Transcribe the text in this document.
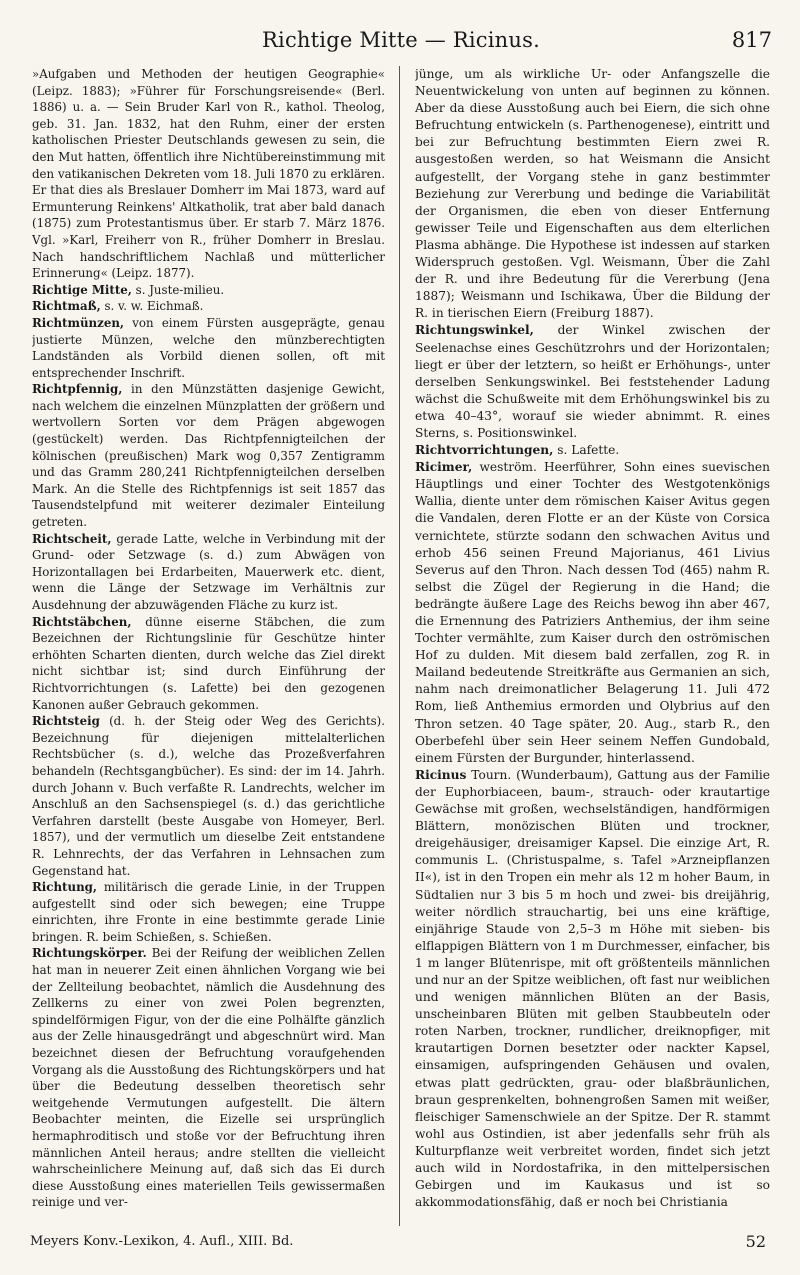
Richtige Mitte — Ricinus.	817

»Aufgaben und Methoden der heutigen Geographie« (Leipz. 1883); »Führer für Forschungsreisende« (Berl. 1886) u. a. — Sein Bruder Karl von R., kathol. Theolog, geb. 31. Jan. 1832, hat den Ruhm, einer der ersten katholischen Priester Deutschlands gewesen zu sein, die den Mut hatten, öffentlich ihre Nichtübereinstimmung mit den vatikanischen Dekreten vom 18. Juli 1870 zu erklären. Er that dies als Breslauer Domherr im Mai 1873, ward auf Ermunterung Reinkens' Altkatholik, trat aber bald danach (1875) zum Protestantismus über. Er starb 7. März 1876. Vgl. »Karl, Freiherr von R., früher Domherr in Breslau. Nach handschriftlichem Nachlaß und mütterlicher Erinnerung« (Leipz. 1877).

Richtige Mitte, s. Juste-milieu.

Richtmaß, s. v. w. Eichmaß.

Richtmünzen, von einem Fürsten ausgeprägte, genau justierte Münzen, welche den münzberechtigten Landständen als Vorbild dienen sollen, oft mit entsprechender Inschrift.

Richtpfennig, in den Münzstätten dasjenige Gewicht, nach welchem die einzelnen Münzplatten der größern und wertvollern Sorten vor dem Prägen abgewogen (gestückelt) werden. Das Richtpfennigteilchen der kölnischen (preußischen) Mark wog 0,357 Zentigramm und das Gramm 280,241 Richtpfennigteilchen derselben Mark. An die Stelle des Richtpfennigs ist seit 1857 das Tausendstelpfund mit weiterer dezimaler Einteilung getreten.

Richtscheit, gerade Latte, welche in Verbindung mit der Grund- oder Setzwage (s. d.) zum Abwägen von Horizontallagen bei Erdarbeiten, Mauerwerk etc. dient, wenn die Länge der Setzwage im Verhältnis zur Ausdehnung der abzuwägenden Fläche zu kurz ist.

Richtstäbchen, dünne eiserne Stäbchen, die zum Bezeichnen der Richtungslinie für Geschütze hinter erhöhten Scharten dienten, durch welche das Ziel direkt nicht sichtbar ist; sind durch Einführung der Richtvorrichtungen (s. Lafette) bei den gezogenen Kanonen außer Gebrauch gekommen.

Richtsteig (d. h. der Steig oder Weg des Gerichts). Bezeichnung für diejenigen mittelalterlichen Rechtsbücher (s. d.), welche das Prozeßverfahren behandeln (Rechtsgangbücher). Es sind: der im 14. Jahrh. durch Johann v. Buch verfaßte R. Landrechts, welcher im Anschluß an den Sachsenspiegel (s. d.) das gerichtliche Verfahren darstellt (beste Ausgabe von Homeyer, Berl. 1857), und der vermutlich um dieselbe Zeit entstandene R. Lehnrechts, der das Verfahren in Lehnsachen zum Gegenstand hat.

Richtung, militärisch die gerade Linie, in der Truppen aufgestellt sind oder sich bewegen; eine Truppe einrichten, ihre Fronte in eine bestimmte gerade Linie bringen. R. beim Schießen, s. Schießen.

Richtungskörper. Bei der Reifung der weiblichen Zellen hat man in neuerer Zeit einen ähnlichen Vorgang wie bei der Zellteilung beobachtet, nämlich die Ausdehnung des Zellkerns zu einer von zwei Polen begrenzten, spindelförmigen Figur, von der die eine Polhälfte gänzlich aus der Zelle hinausgedrängt und abgeschnürt wird. Man bezeichnet diesen der Befruchtung voraufgehenden Vorgang als die Ausstoßung des Richtungskörpers und hat über die Bedeutung desselben theoretisch sehr weitgehende Vermutungen aufgestellt. Die ältern Beobachter meinten, die Eizelle sei ursprünglich hermaphroditisch und stoße vor der Befruchtung ihren männlichen Anteil heraus; andre stellten die vielleicht wahrscheinlichere Meinung auf, daß sich das Ei durch diese Ausstoßung eines materiellen Teils gewissermaßen reinige und ver-

jünge, um als wirkliche Ur- oder Anfangszelle die Neuentwickelung von unten auf beginnen zu können. Aber da diese Ausstoßung auch bei Eiern, die sich ohne Befruchtung entwickeln (s. Parthenogenese), eintritt und bei zur Befruchtung bestimmten Eiern zwei R. ausgestoßen werden, so hat Weismann die Ansicht aufgestellt, der Vorgang stehe in ganz bestimmter Beziehung zur Vererbung und bedinge die Variabilität der Organismen, die eben von dieser Entfernung gewisser Teile und Eigenschaften aus dem elterlichen Plasma abhänge. Die Hypothese ist indessen auf starken Widerspruch gestoßen. Vgl. Weismann, Über die Zahl der R. und ihre Bedeutung für die Vererbung (Jena 1887); Weismann und Ischikawa, Über die Bildung der R. in tierischen Eiern (Freiburg 1887).

Richtungswinkel, der Winkel zwischen der Seelenachse eines Geschützrohrs und der Horizontalen; liegt er über der letztern, so heißt er Erhöhungs-, unter derselben Senkungswinkel. Bei feststehender Ladung wächst die Schußweite mit dem Erhöhungswinkel bis zu etwa 40–43°, worauf sie wieder abnimmt. R. eines Sterns, s. Positionswinkel.

Richtvorrichtungen, s. Lafette.

Ricimer, weström. Heerführer, Sohn eines suevischen Häuptlings und einer Tochter des Westgotenkönigs Wallia, diente unter dem römischen Kaiser Avitus gegen die Vandalen, deren Flotte er an der Küste von Corsica vernichtete, stürzte sodann den schwachen Avitus und erhob 456 seinen Freund Majorianus, 461 Livius Severus auf den Thron. Nach dessen Tod (465) nahm R. selbst die Zügel der Regierung in die Hand; die bedrängte äußere Lage des Reichs bewog ihn aber 467, die Ernennung des Patriziers Anthemius, der ihm seine Tochter vermählte, zum Kaiser durch den oströmischen Hof zu dulden. Mit diesem bald zerfallen, zog R. in Mailand bedeutende Streitkräfte aus Germanien an sich, nahm nach dreimonatlicher Belagerung 11. Juli 472 Rom, ließ Anthemius ermorden und Olybrius auf den Thron setzen. 40 Tage später, 20. Aug., starb R., den Oberbefehl über sein Heer seinem Neffen Gundobald, einem Fürsten der Burgunder, hinterlassend.

Ricinus Tourn. (Wunderbaum), Gattung aus der Familie der Euphorbiaceen, baum-, strauch- oder krautartige Gewächse mit großen, wechselständigen, handförmigen Blättern, monözischen Blüten und trockner, dreigehäusiger, dreisamiger Kapsel. Die einzige Art, R. communis L. (Christuspalme, s. Tafel »Arzneipflanzen II«), ist in den Tropen ein mehr als 12 m hoher Baum, in Südtalien nur 3 bis 5 m hoch und zwei- bis dreijährig, weiter nördlich strauchartig, bei uns eine kräftige, einjährige Staude von 2,5–3 m Höhe mit sieben- bis elflappigen Blättern von 1 m Durchmesser, einfacher, bis 1 m langer Blütenrispe, mit oft größtenteils männlichen und nur an der Spitze weiblichen, oft fast nur weiblichen und wenigen männlichen Blüten an der Basis, unscheinbaren Blüten mit gelben Staubbeuteln oder roten Narben, trockner, rundlicher, dreiknopfiger, mit krautartigen Dornen besetzter oder nackter Kapsel, einsamigen, aufspringenden Gehäusen und ovalen, etwas platt gedrückten, grau- oder blaßbräunlichen, braun gesprenkelten, bohnengroßen Samen mit weißer, fleischiger Samenschwiele an der Spitze. Der R. stammt wohl aus Ostindien, ist aber jedenfalls sehr früh als Kulturpflanze weit verbreitet worden, findet sich jetzt auch wild in Nordostafrika, in den mittelpersischen Gebirgen und im Kaukasus und ist so akkommodationsfähig, daß er noch bei Christiania

Meyers Konv.-Lexikon, 4. Aufl., XIII. Bd.	52
